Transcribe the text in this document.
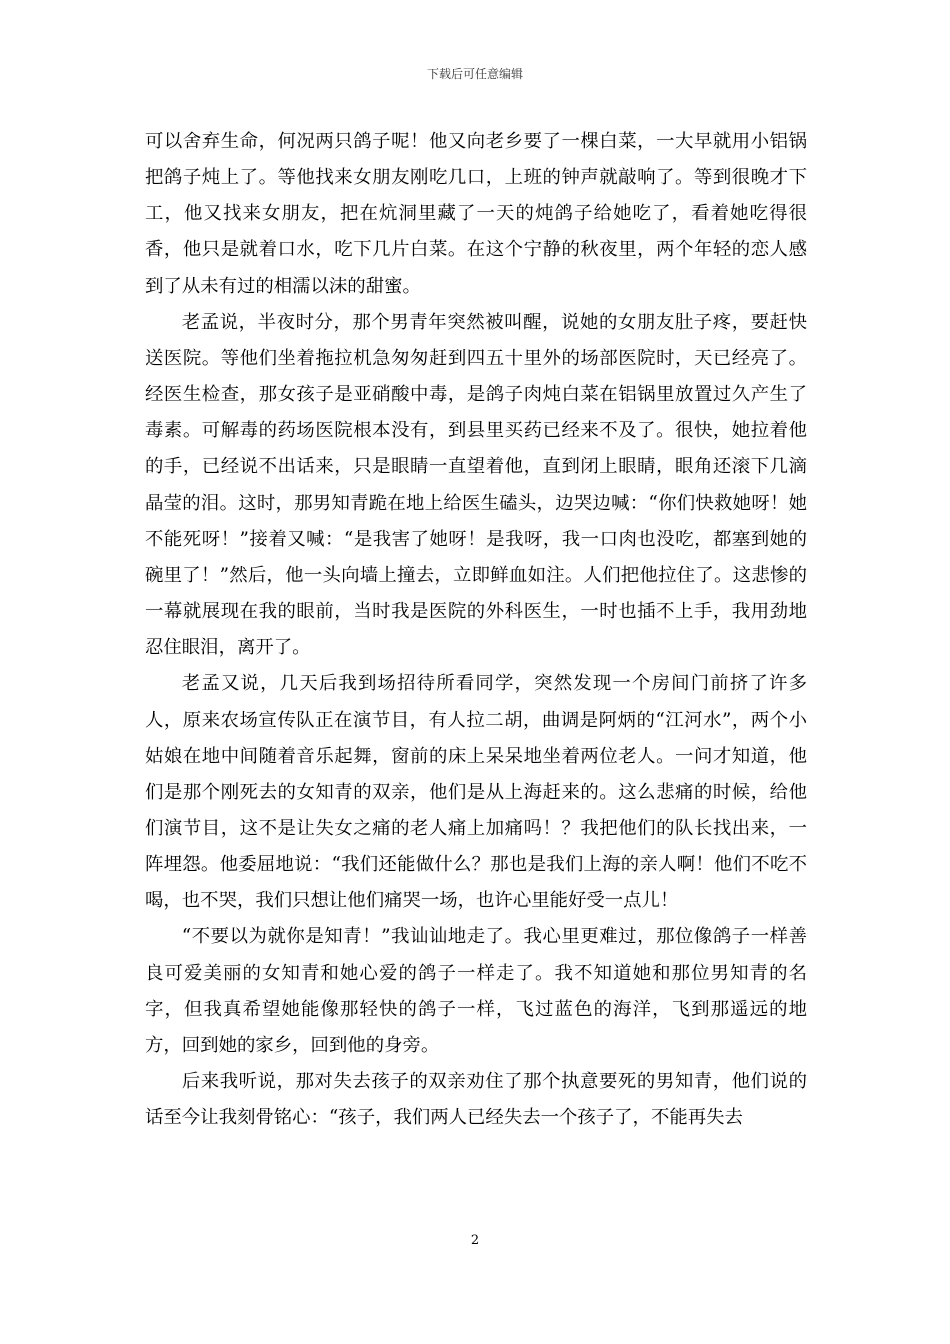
下载后可任意编辑

可以舍弃生命，何况两只鸽子呢！他又向老乡要了一棵白菜，一大早就用小铝锅把鸽子炖上了。等他找来女朋友刚吃几口，上班的钟声就敲响了。等到很晚才下工，他又找来女朋友，把在炕洞里藏了一天的炖鸽子给她吃了，看着她吃得很香，他只是就着口水，吃下几片白菜。在这个宁静的秋夜里，两个年轻的恋人感到了从未有过的相濡以沫的甜蜜。

老孟说，半夜时分，那个男青年突然被叫醒，说她的女朋友肚子疼，要赶快送医院。等他们坐着拖拉机急匆匆赶到四五十里外的场部医院时，天已经亮了。经医生检查，那女孩子是亚硝酸中毒，是鸽子肉炖白菜在铝锅里放置过久产生了毒素。可解毒的药场医院根本没有，到县里买药已经来不及了。很快，她拉着他的手，已经说不出话来，只是眼睛一直望着他，直到闭上眼睛，眼角还滚下几滴晶莹的泪。这时，那男知青跪在地上给医生磕头，边哭边喊：“你们快救她呀！她不能死呀！”接着又喊：“是我害了她呀！是我呀，我一口肉也没吃，都塞到她的碗里了！”然后，他一头向墙上撞去，立即鲜血如注。人们把他拉住了。这悲惨的一幕就展现在我的眼前，当时我是医院的外科医生，一时也插不上手，我用劲地忍住眼泪，离开了。

老孟又说，几天后我到场招待所看同学，突然发现一个房间门前挤了许多人，原来农场宣传队正在演节目，有人拉二胡，曲调是阿炳的“江河水”，两个小姑娘在地中间随着音乐起舞，窗前的床上呆呆地坐着两位老人。一问才知道，他们是那个刚死去的女知青的双亲，他们是从上海赶来的。这么悲痛的时候，给他们演节目，这不是让失女之痛的老人痛上加痛吗！？我把他们的队长找出来，一阵埋怨。他委屈地说：“我们还能做什么？那也是我们上海的亲人啊！他们不吃不喝，也不哭，我们只想让他们痛哭一场，也许心里能好受一点儿！

“不要以为就你是知青！”我讪讪地走了。我心里更难过，那位像鸽子一样善良可爱美丽的女知青和她心爱的鸽子一样走了。我不知道她和那位男知青的名字，但我真希望她能像那轻快的鸽子一样，飞过蓝色的海洋，飞到那遥远的地方，回到她的家乡，回到他的身旁。

后来我听说，那对失去孩子的双亲劝住了那个执意要死的男知青，他们说的话至今让我刻骨铭心：“孩子，我们两人已经失去一个孩子了，不能再失去

2
